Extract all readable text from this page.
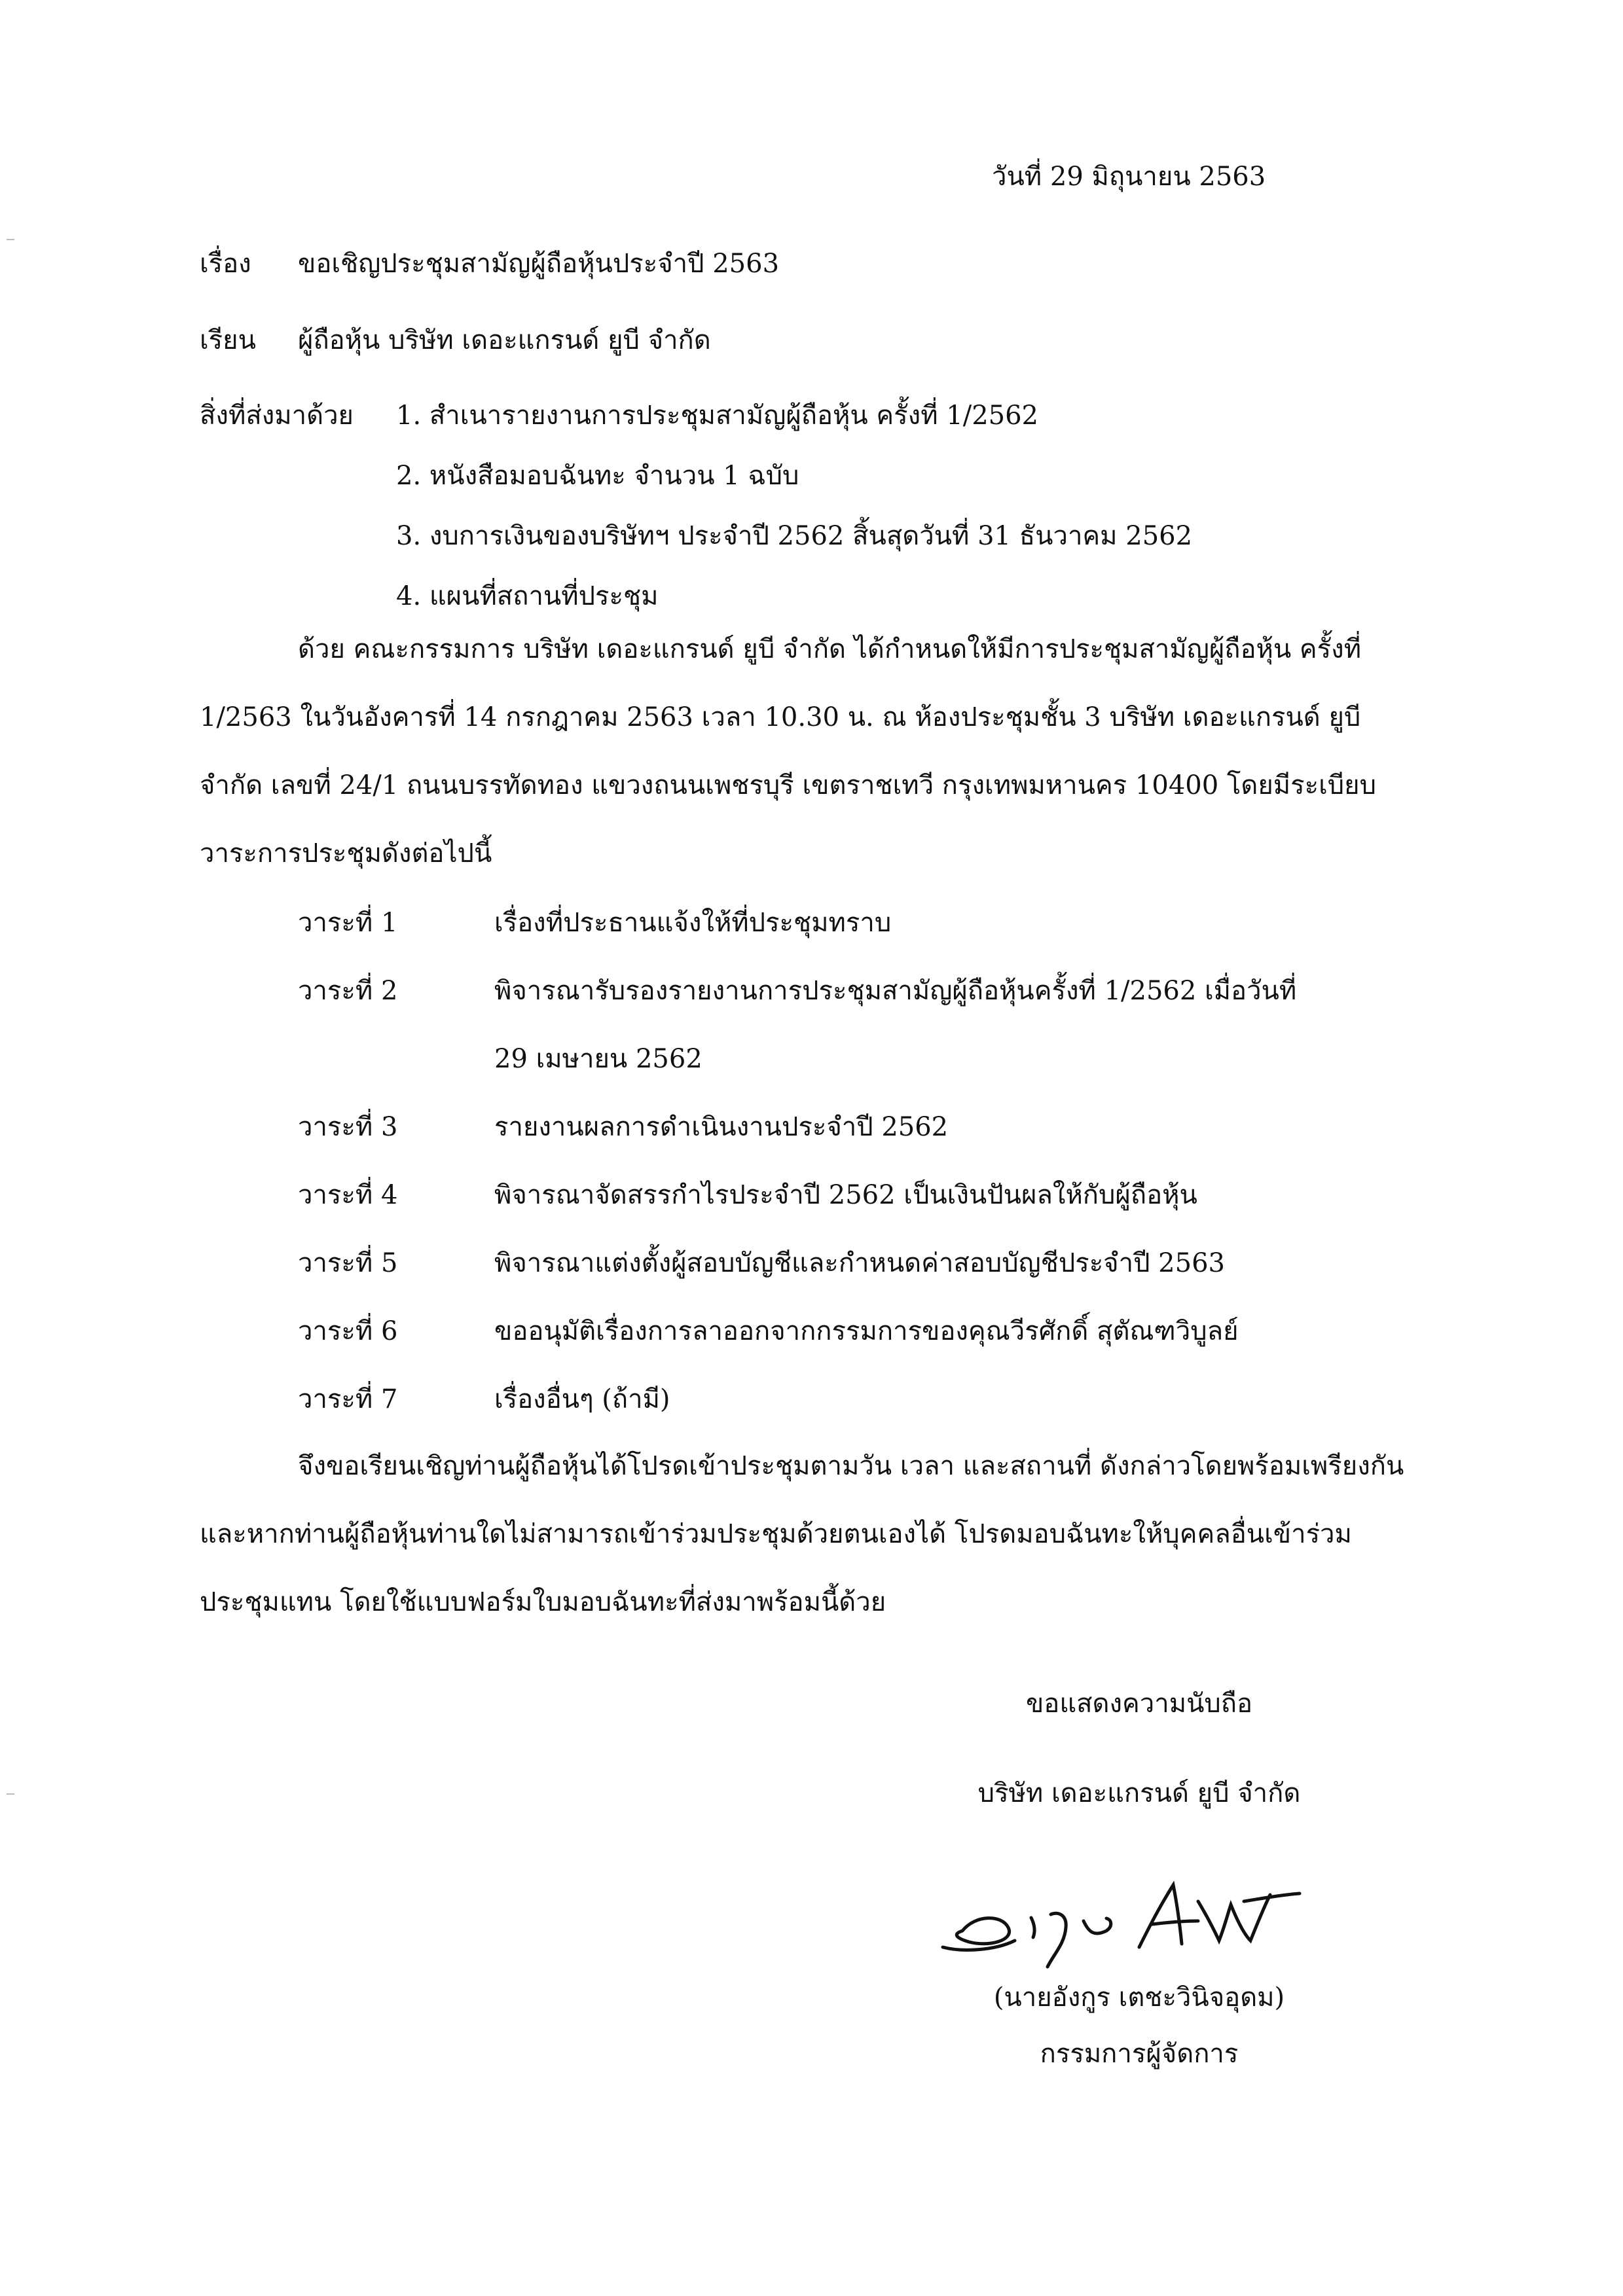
วันที่ 29 มิถุนายน 2563
เรื่อง ขอเชิญประชุมสามัญผู้ถือหุ้นประจำปี 2563
เรียน ผู้ถือหุ้น บริษัท เดอะแกรนด์ ยูบี จำกัด
สิ่งที่ส่งมาด้วย 1. สำเนารายงานการประชุมสามัญผู้ถือหุ้น ครั้งที่ 1/2562
2. หนังสือมอบฉันทะ จำนวน 1 ฉบับ
3. งบการเงินของบริษัทฯ ประจำปี 2562 สิ้นสุดวันที่ 31 ธันวาคม 2562
4. แผนที่สถานที่ประชุม
ด้วย คณะกรรมการ บริษัท เดอะแกรนด์ ยูบี จำกัด ได้กำหนดให้มีการประชุมสามัญผู้ถือหุ้น ครั้งที่
1/2563 ในวันอังคารที่ 14 กรกฎาคม 2563 เวลา 10.30 น. ณ ห้องประชุมชั้น 3 บริษัท เดอะแกรนด์ ยูบี
จำกัด เลขที่ 24/1 ถนนบรรทัดทอง แขวงถนนเพชรบุรี เขตราชเทวี กรุงเทพมหานคร 10400 โดยมีระเบียบ
วาระการประชุมดังต่อไปนี้
วาระที่ 1	เรื่องที่ประธานแจ้งให้ที่ประชุมทราบ
วาระที่ 2	พิจารณารับรองรายงานการประชุมสามัญผู้ถือหุ้นครั้งที่ 1/2562 เมื่อวันที่
29 เมษายน 2562
วาระที่ 3	รายงานผลการดำเนินงานประจำปี 2562
วาระที่ 4	พิจารณาจัดสรรกำไรประจำปี 2562 เป็นเงินปันผลให้กับผู้ถือหุ้น
วาระที่ 5	พิจารณาแต่งตั้งผู้สอบบัญชีและกำหนดค่าสอบบัญชีประจำปี 2563
วาระที่ 6	ขออนุมัติเรื่องการลาออกจากกรรมการของคุณวีรศักดิ์ สุตัณฑวิบูลย์
วาระที่ 7	เรื่องอื่นๆ (ถ้ามี)
จึงขอเรียนเชิญท่านผู้ถือหุ้นได้โปรดเข้าประชุมตามวัน เวลา และสถานที่ ดังกล่าวโดยพร้อมเพรียงกัน
และหากท่านผู้ถือหุ้นท่านใดไม่สามารถเข้าร่วมประชุมด้วยตนเองได้ โปรดมอบฉันทะให้บุคคลอื่นเข้าร่วม
ประชุมแทน โดยใช้แบบฟอร์มใบมอบฉันทะที่ส่งมาพร้อมนี้ด้วย
ขอแสดงความนับถือ
บริษัท เดอะแกรนด์ ยูบี จำกัด
(นายอังกูร เตชะวินิจอุดม)
กรรมการผู้จัดการ
